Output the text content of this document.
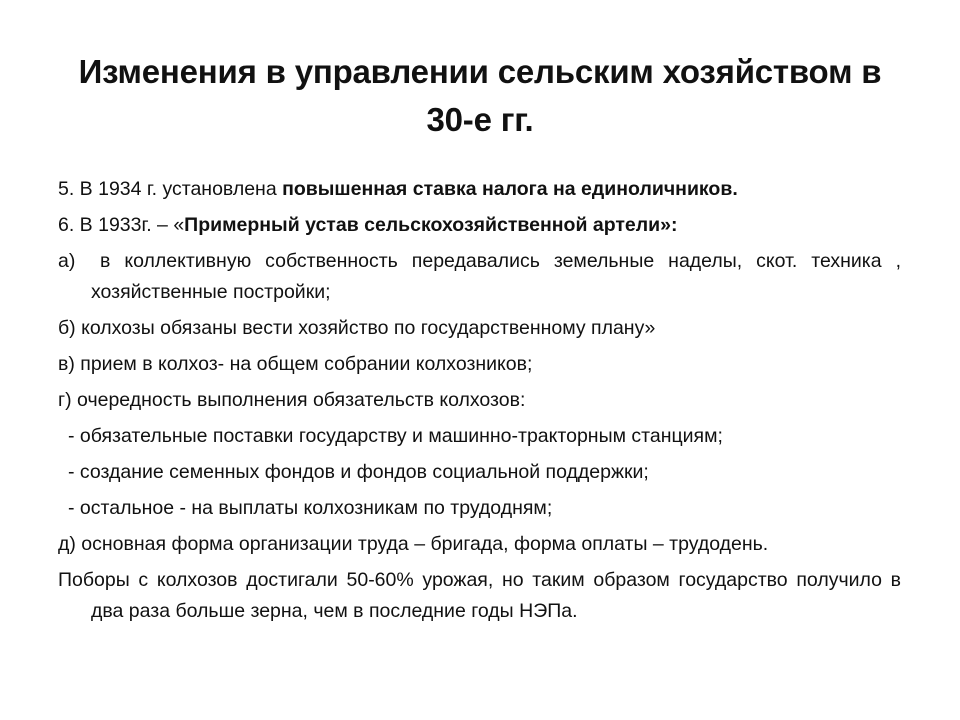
Изменения в управлении сельским хозяйством в 30-е гг.

5. В 1934 г. установлена повышенная ставка налога на единоличников.

6. В 1933г. – «Примерный устав сельскохозяйственной артели»:

а) в коллективную собственность передавались земельные наделы, скот. техника , хозяйственные постройки;

б) колхозы обязаны вести хозяйство по государственному плану»

в) прием в колхоз- на общем собрании колхозников;

г) очередность выполнения обязательств колхозов:

- обязательные поставки государству и машинно-тракторным станциям;

- создание семенных фондов и фондов социальной поддержки;

- остальное - на выплаты колхозникам по трудодням;

д) основная форма организации труда – бригада, форма оплаты – трудодень.

Поборы с колхозов достигали 50-60% урожая, но таким образом государство получило в два раза больше зерна, чем в последние годы НЭПа.
